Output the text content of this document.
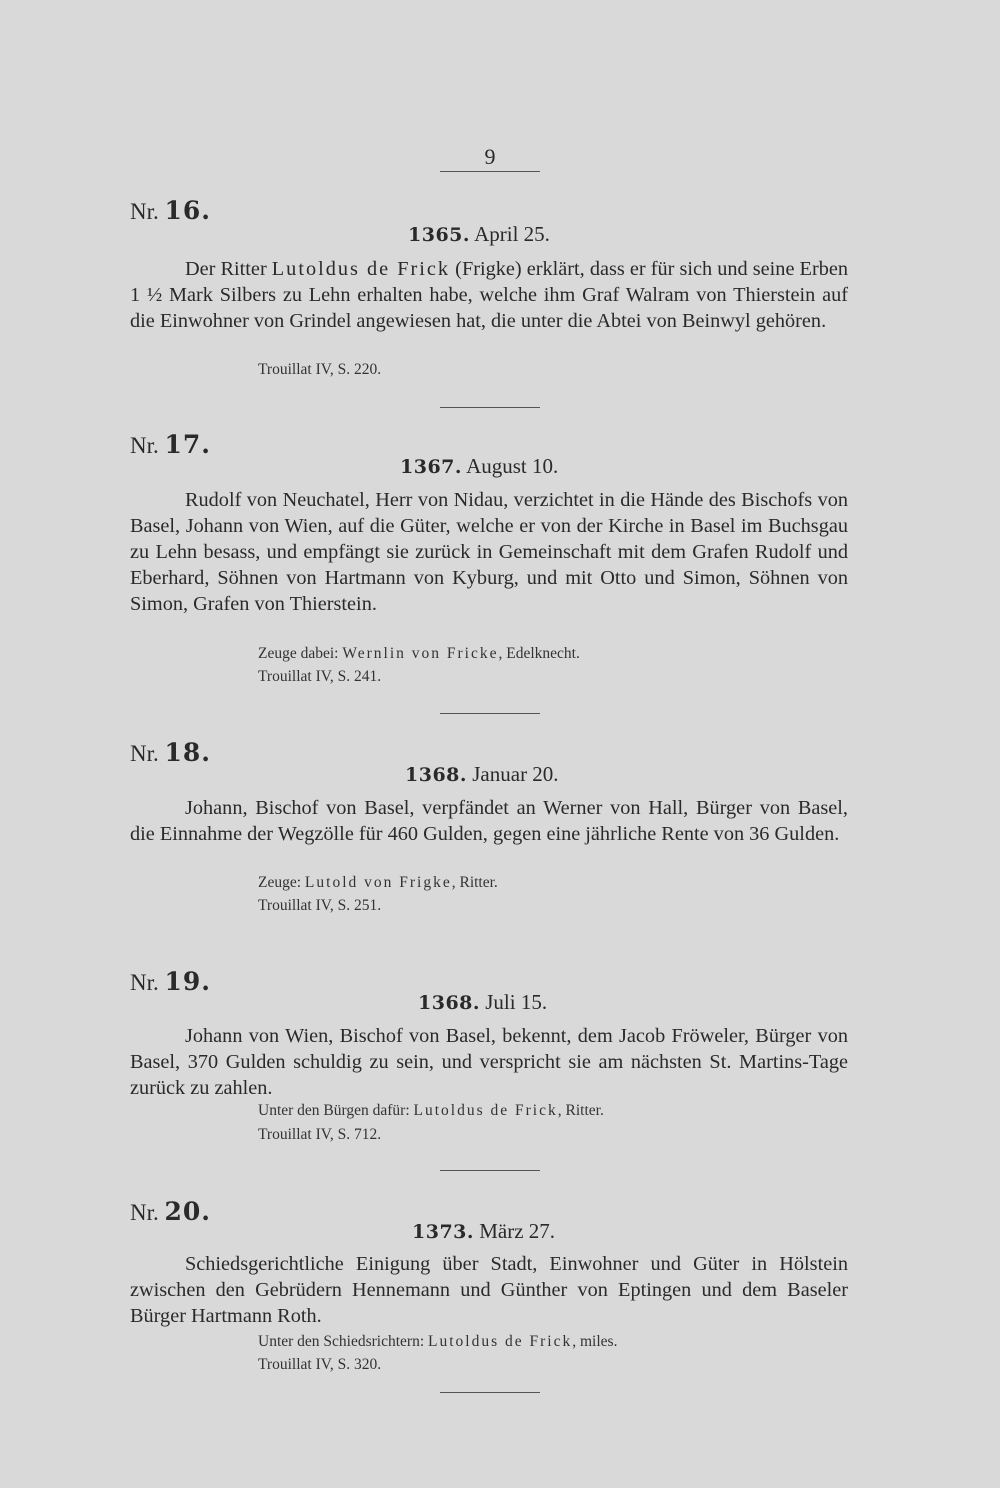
9
Nr. 16.
1365. April 25.
Der Ritter Lutoldus de Frick (Frigke) erklärt, dass er für sich und seine Erben 1 ½ Mark Silbers zu Lehn erhalten habe, welche ihm Graf Walram von Thierstein auf die Einwohner von Grindel angewiesen hat, die unter die Abtei von Beinwyl gehören.
Trouillat IV, S. 220.
Nr. 17.
1367. August 10.
Rudolf von Neuchatel, Herr von Nidau, verzichtet in die Hände des Bischofs von Basel, Johann von Wien, auf die Güter, welche er von der Kirche in Basel im Buchsgau zu Lehn besass, und empfängt sie zurück in Gemeinschaft mit dem Grafen Rudolf und Eberhard, Söhnen von Hartmann von Kyburg, und mit Otto und Simon, Söhnen von Simon, Grafen von Thierstein.
Zeuge dabei: Wernlin von Fricke, Edelknecht.
Trouillat IV, S. 241.
Nr. 18.
1368. Januar 20.
Johann, Bischof von Basel, verpfändet an Werner von Hall, Bürger von Basel, die Einnahme der Wegzölle für 460 Gulden, gegen eine jährliche Rente von 36 Gulden.
Zeuge: Lutold von Frigke, Ritter.
Trouillat IV, S. 251.
Nr. 19.
1368. Juli 15.
Johann von Wien, Bischof von Basel, bekennt, dem Jacob Fröweler, Bürger von Basel, 370 Gulden schuldig zu sein, und verspricht sie am nächsten St. Martins-Tage zurück zu zahlen.
Unter den Bürgen dafür: Lutoldus de Frick, Ritter.
Trouillat IV, S. 712.
Nr. 20.
1373. März 27.
Schiedsgerichtliche Einigung über Stadt, Einwohner und Güter in Hölstein zwischen den Gebrüdern Hennemann und Günther von Eptingen und dem Baseler Bürger Hartmann Roth.
Unter den Schiedsrichtern: Lutoldus de Frick, miles.
Trouillat IV, S. 320.
